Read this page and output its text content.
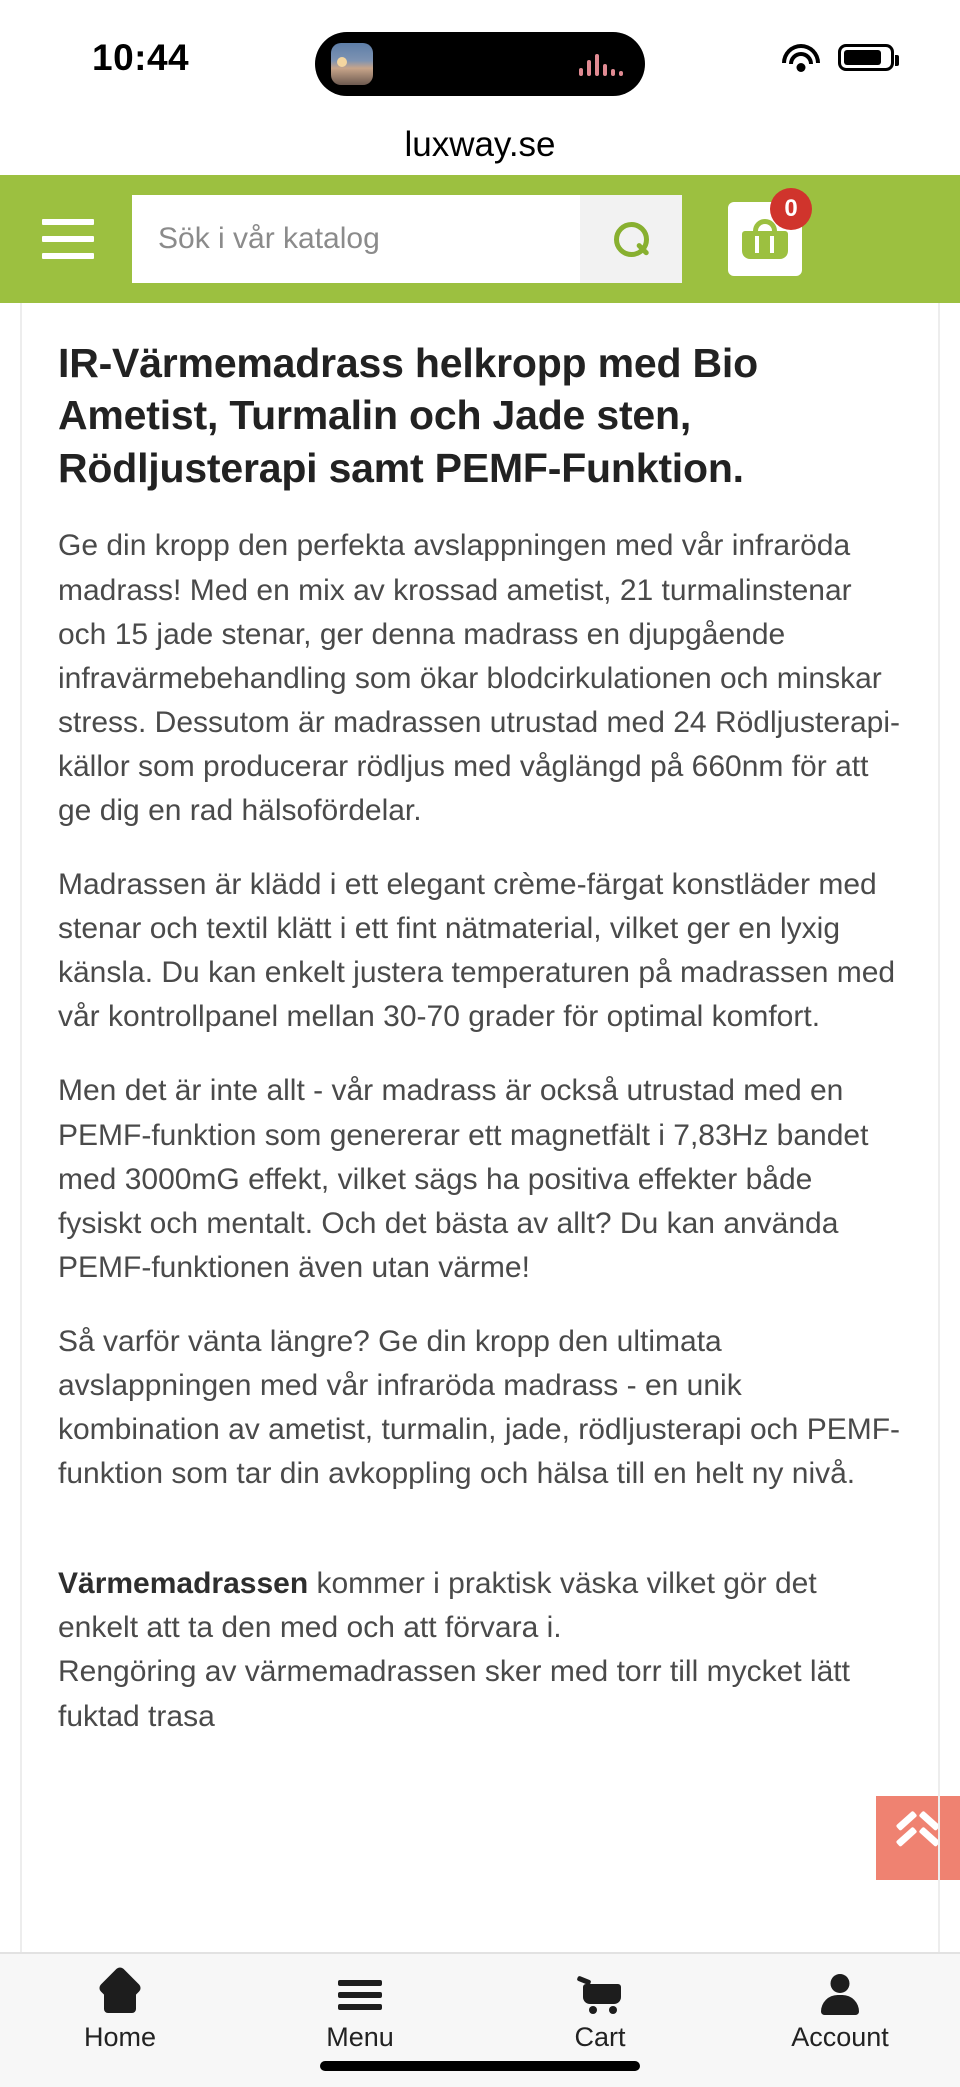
10:44
luxway.se
Sök i vår katalog
0
IR-Värmemadrass helkropp med Bio Ametist, Turmalin och Jade sten, Rödljusterapi samt PEMF-Funktion.

Ge din kropp den perfekta avslappningen med vår infraröda madrass! Med en mix av krossad ametist, 21 turmalinstenar och 15 jade stenar, ger denna madrass en djupgående infravärmebehandling som ökar blodcirkulationen och minskar stress. Dessutom är madrassen utrustad med 24 Rödljusterapi-källor som producerar rödljus med våglängd på 660nm för att ge dig en rad hälsofördelar.

Madrassen är klädd i ett elegant crème-färgat konstläder med stenar och textil klätt i ett fint nätmaterial, vilket ger en lyxig känsla. Du kan enkelt justera temperaturen på madrassen med vår kontrollpanel mellan 30-70 grader för optimal komfort.

Men det är inte allt - vår madrass är också utrustad med en PEMF-funktion som genererar ett magnetfält i 7,83Hz bandet med 3000mG effekt, vilket sägs ha positiva effekter både fysiskt och mentalt. Och det bästa av allt? Du kan använda PEMF-funktionen även utan värme!

Så varför vänta längre? Ge din kropp den ultimata avslappningen med vår infraröda madrass - en unik kombination av ametist, turmalin, jade, rödljusterapi och PEMF-funktion som tar din avkoppling och hälsa till en helt ny nivå.

Värmemadrassen kommer i praktisk väska vilket gör det enkelt att ta den med och att förvara i.
Rengöring av värmemadrassen sker med torr till mycket lätt fuktad trasa

Home	Menu	Cart	Account
